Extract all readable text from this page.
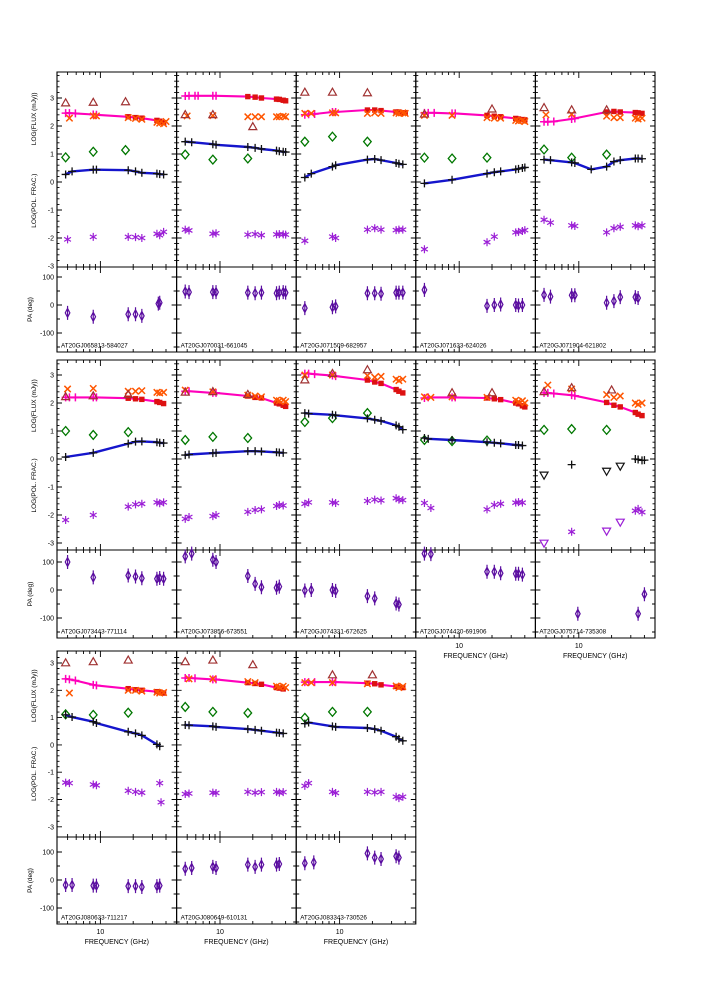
3
2
1
0
-1
-2
-3
100
0
-100
LOG(FLUX (mJy))
LOG(POL. FRAC.)
PA (deg)
AT20GJ065813-584027	AT20GJ070031-661045	AT20GJ071509-682957	AT20GJ071633-624026	AT20GJ071904-621802
3
2
1
0
-1
-2
-3
100
0
-100
LOG(FLUX (mJy))
LOG(POL. FRAC.)
PA (deg)
AT20GJ073443-771114	AT20GJ073856-673551	AT20GJ074331-672625
10
FREQUENCY (GHz)
AT20GJ074420-691906
10
FREQUENCY (GHz)
AT20GJ075714-735308
3
2
1
0
-1
-2
-3
100
0
-100
LOG(FLUX (mJy))
LOG(POL. FRAC.)
PA (deg)
10
FREQUENCY (GHz)
AT20GJ080633-711217
10
FREQUENCY (GHz)
AT20GJ080649-610131
10
FREQUENCY (GHz)
AT20GJ083343-730526
